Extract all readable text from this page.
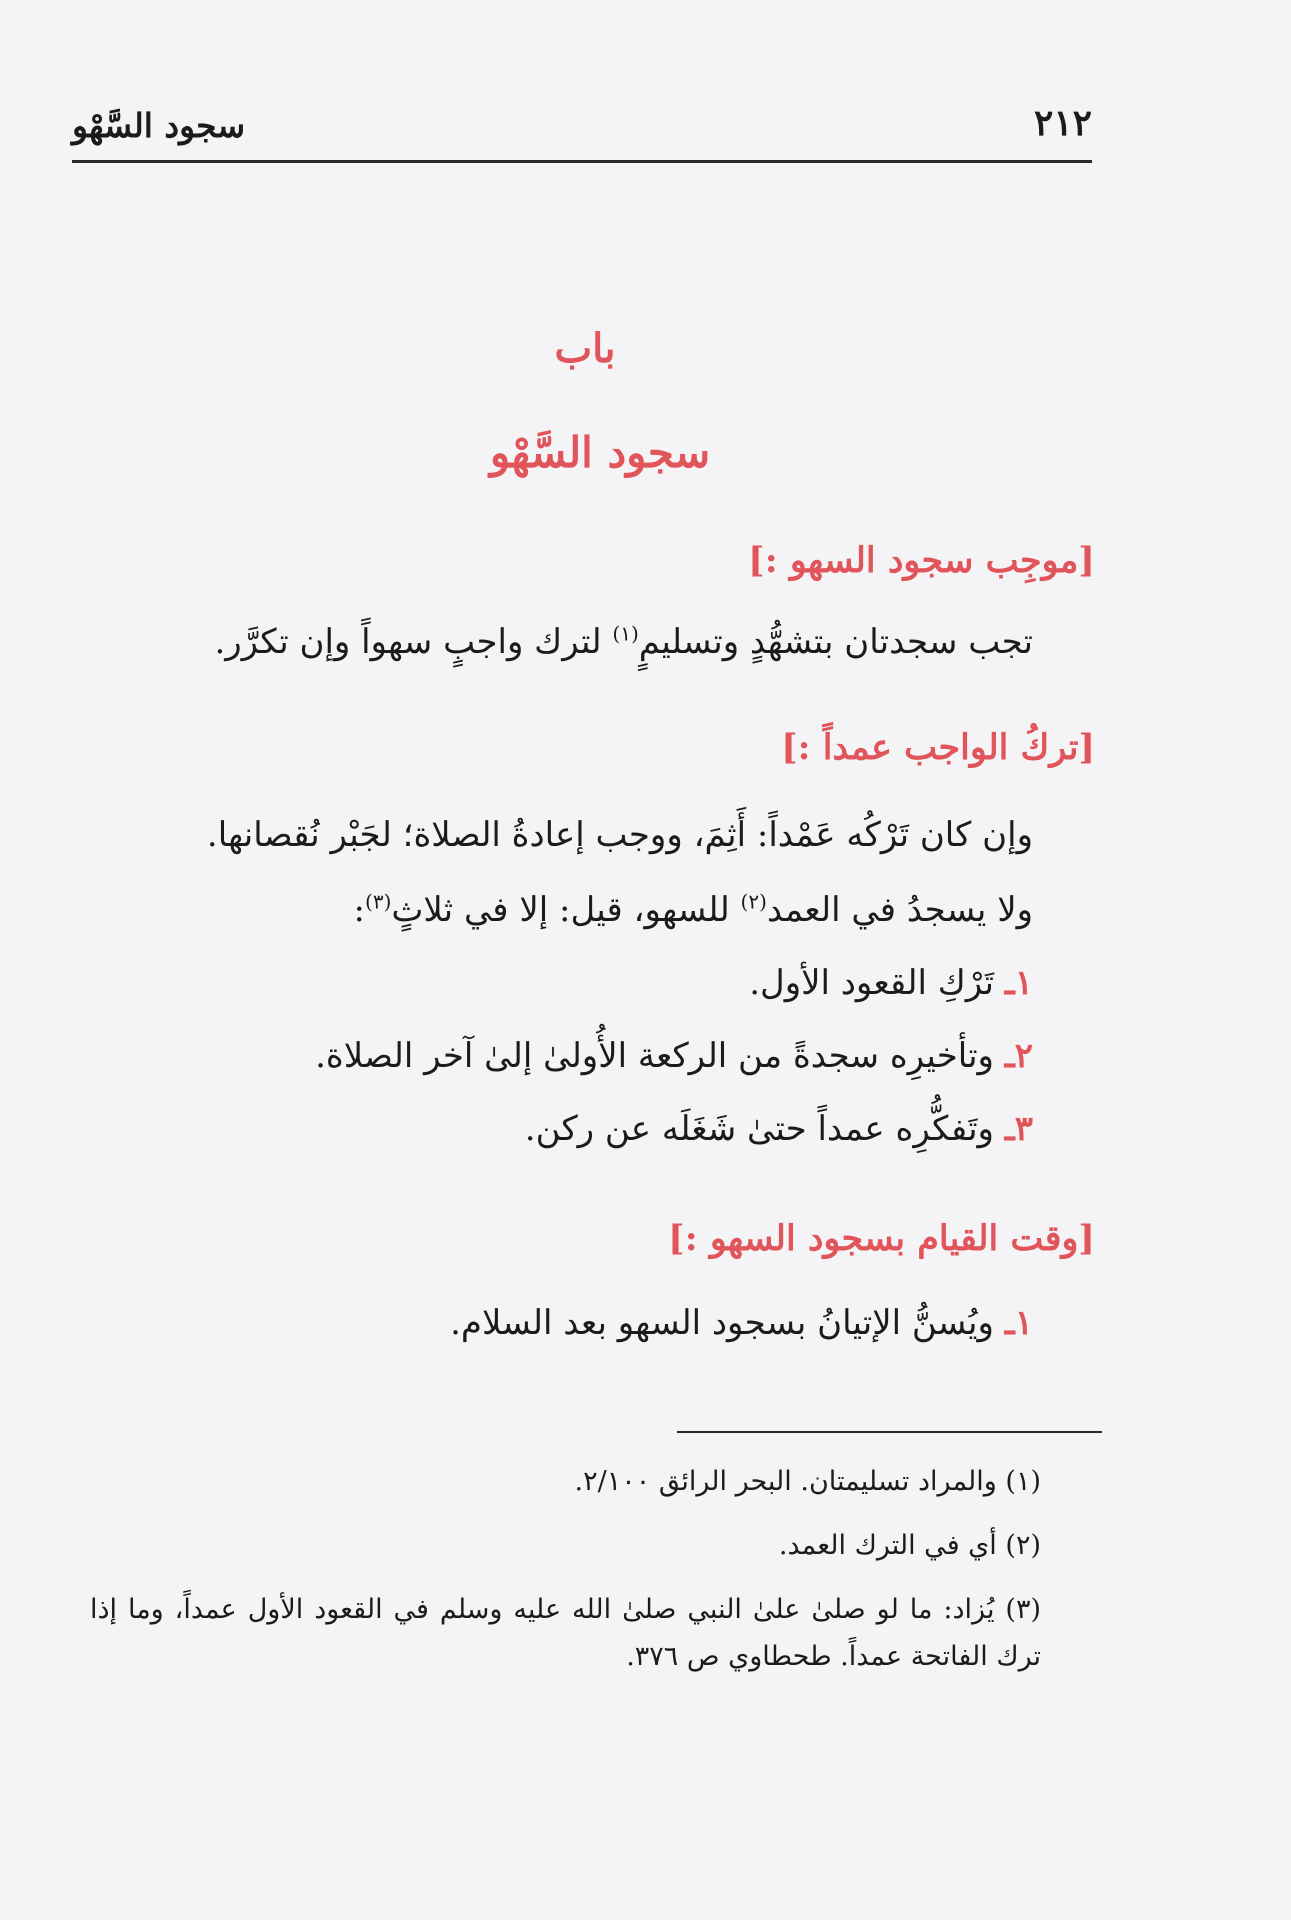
٢١٢
سجود السَّهْو
باب
سجود السَّهْو
[موجِب سجود السهو :]
تجب سجدتان بتشهُّدٍ وتسليمٍ$^{(١)}$ لترك واجبٍ سهواً وإن تكرَّر.
[تركُ الواجب عمداً :]
وإن كان تَرْكُه عَمْداً: أَثِمَ، ووجب إعادةُ الصلاة؛ لجَبْر نُقصانها.
ولا يسجدُ في العمد$^{(٢)}$ للسهو، قيل: إلا في ثلاثٍ$^{(٣)}$:
١ـ تَرْكِ القعود الأول.
٢ـ وتأخيرِه سجدةً من الركعة الأُولىٰ إلىٰ آخر الصلاة.
٣ـ وتَفكُّرِه عمداً حتىٰ شَغَلَه عن ركن.
[وقت القيام بسجود السهو :]
١ـ ويُسنُّ الإتيانُ بسجود السهو بعد السلام.
(١) والمراد تسليمتان. البحر الرائق ٢/١٠٠.
(٢) أي في الترك العمد.
(٣) يُزاد: ما لو صلىٰ علىٰ النبي صلىٰ الله عليه وسلم في القعود الأول عمداً، وما إذا ترك الفاتحة عمداً. طحطاوي ص ٣٧٦.
